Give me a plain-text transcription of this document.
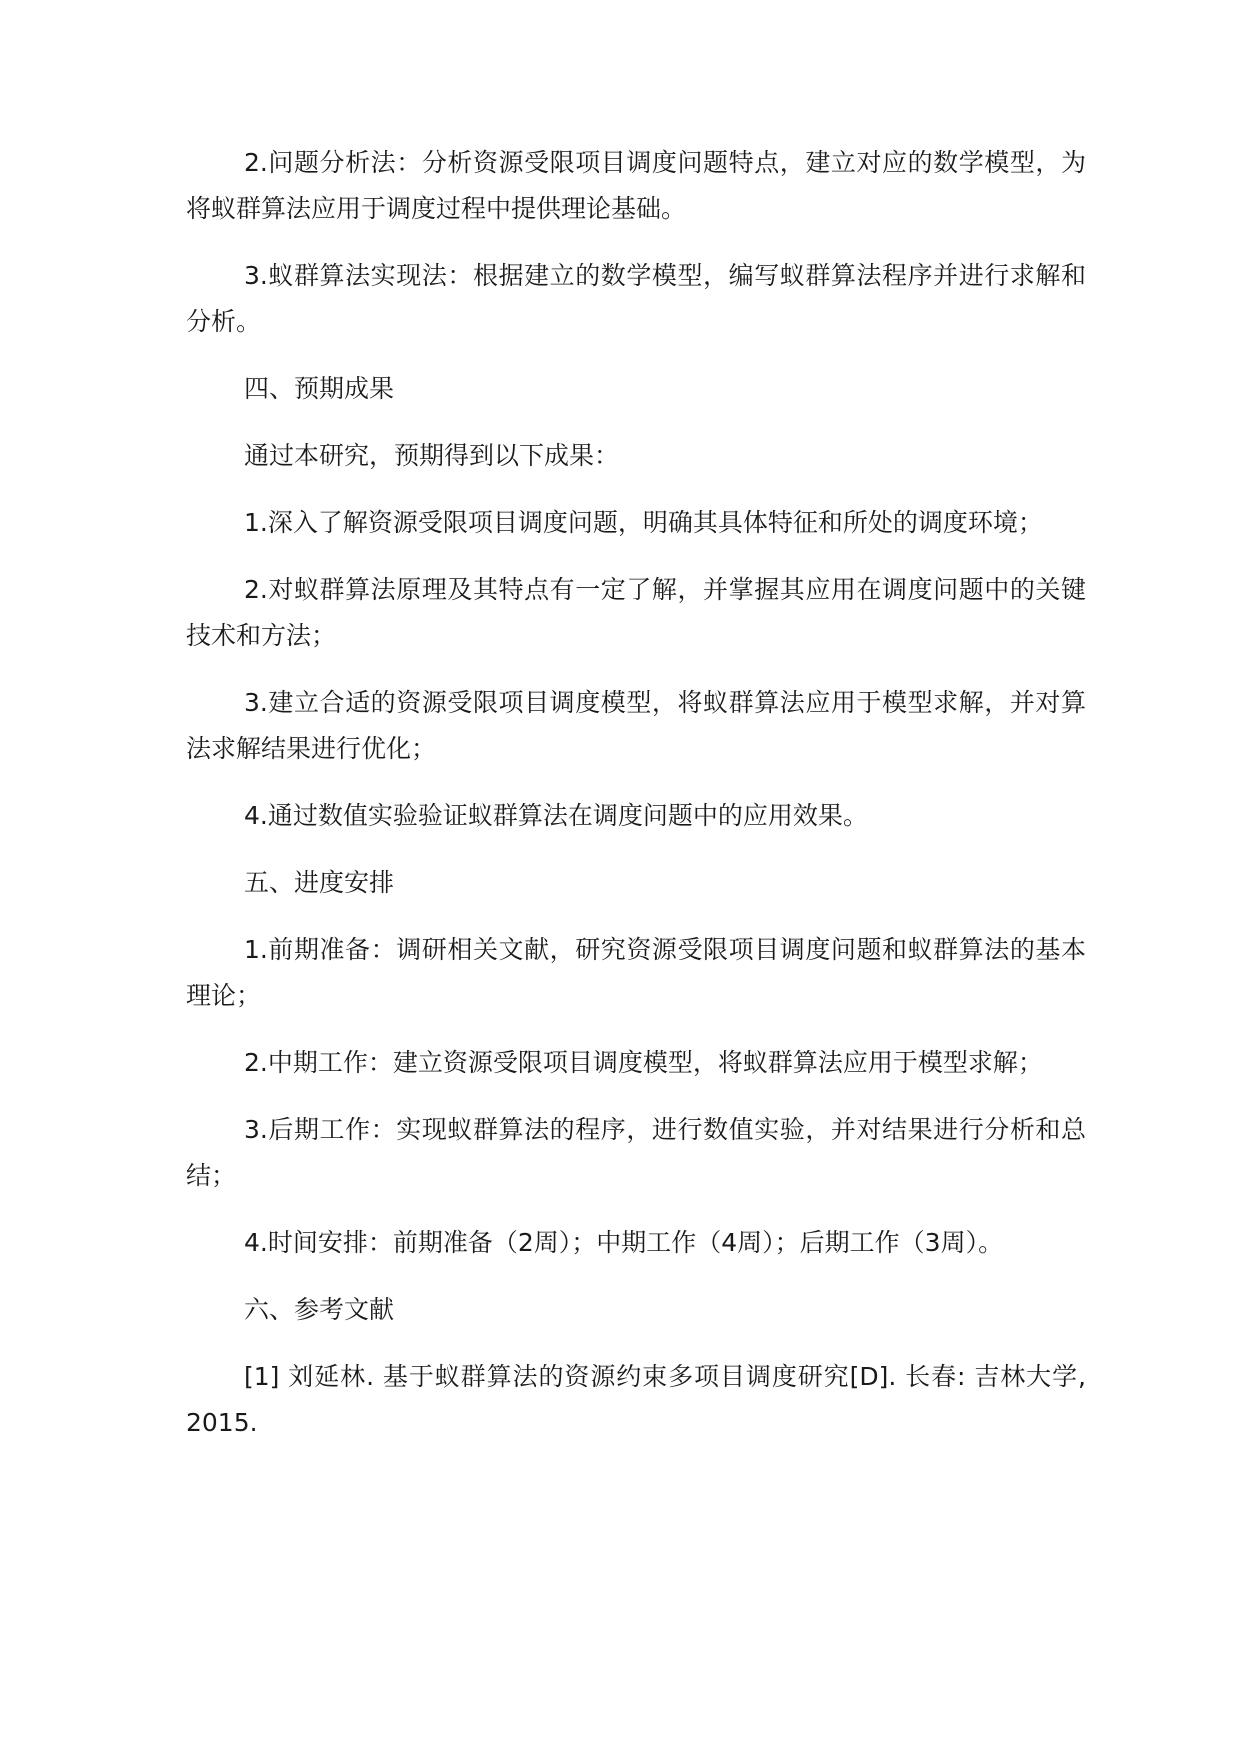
2.问题分析法：分析资源受限项目调度问题特点，建立对应的数学模型，为将蚁群算法应用于调度过程中提供理论基础。

3.蚁群算法实现法：根据建立的数学模型，编写蚁群算法程序并进行求解和分析。

四、预期成果

通过本研究，预期得到以下成果：

1.深入了解资源受限项目调度问题，明确其具体特征和所处的调度环境；

2.对蚁群算法原理及其特点有一定了解，并掌握其应用在调度问题中的关键技术和方法；

3.建立合适的资源受限项目调度模型，将蚁群算法应用于模型求解，并对算法求解结果进行优化；

4.通过数值实验验证蚁群算法在调度问题中的应用效果。

五、进度安排

1.前期准备：调研相关文献，研究资源受限项目调度问题和蚁群算法的基本理论；

2.中期工作：建立资源受限项目调度模型，将蚁群算法应用于模型求解；

3.后期工作：实现蚁群算法的程序，进行数值实验，并对结果进行分析和总结；

4.时间安排：前期准备（2周）；中期工作（4周）；后期工作（3周）。

六、参考文献

[1] 刘延林. 基于蚁群算法的资源约束多项目调度研究[D]. 长春: 吉林大学, 2015.
